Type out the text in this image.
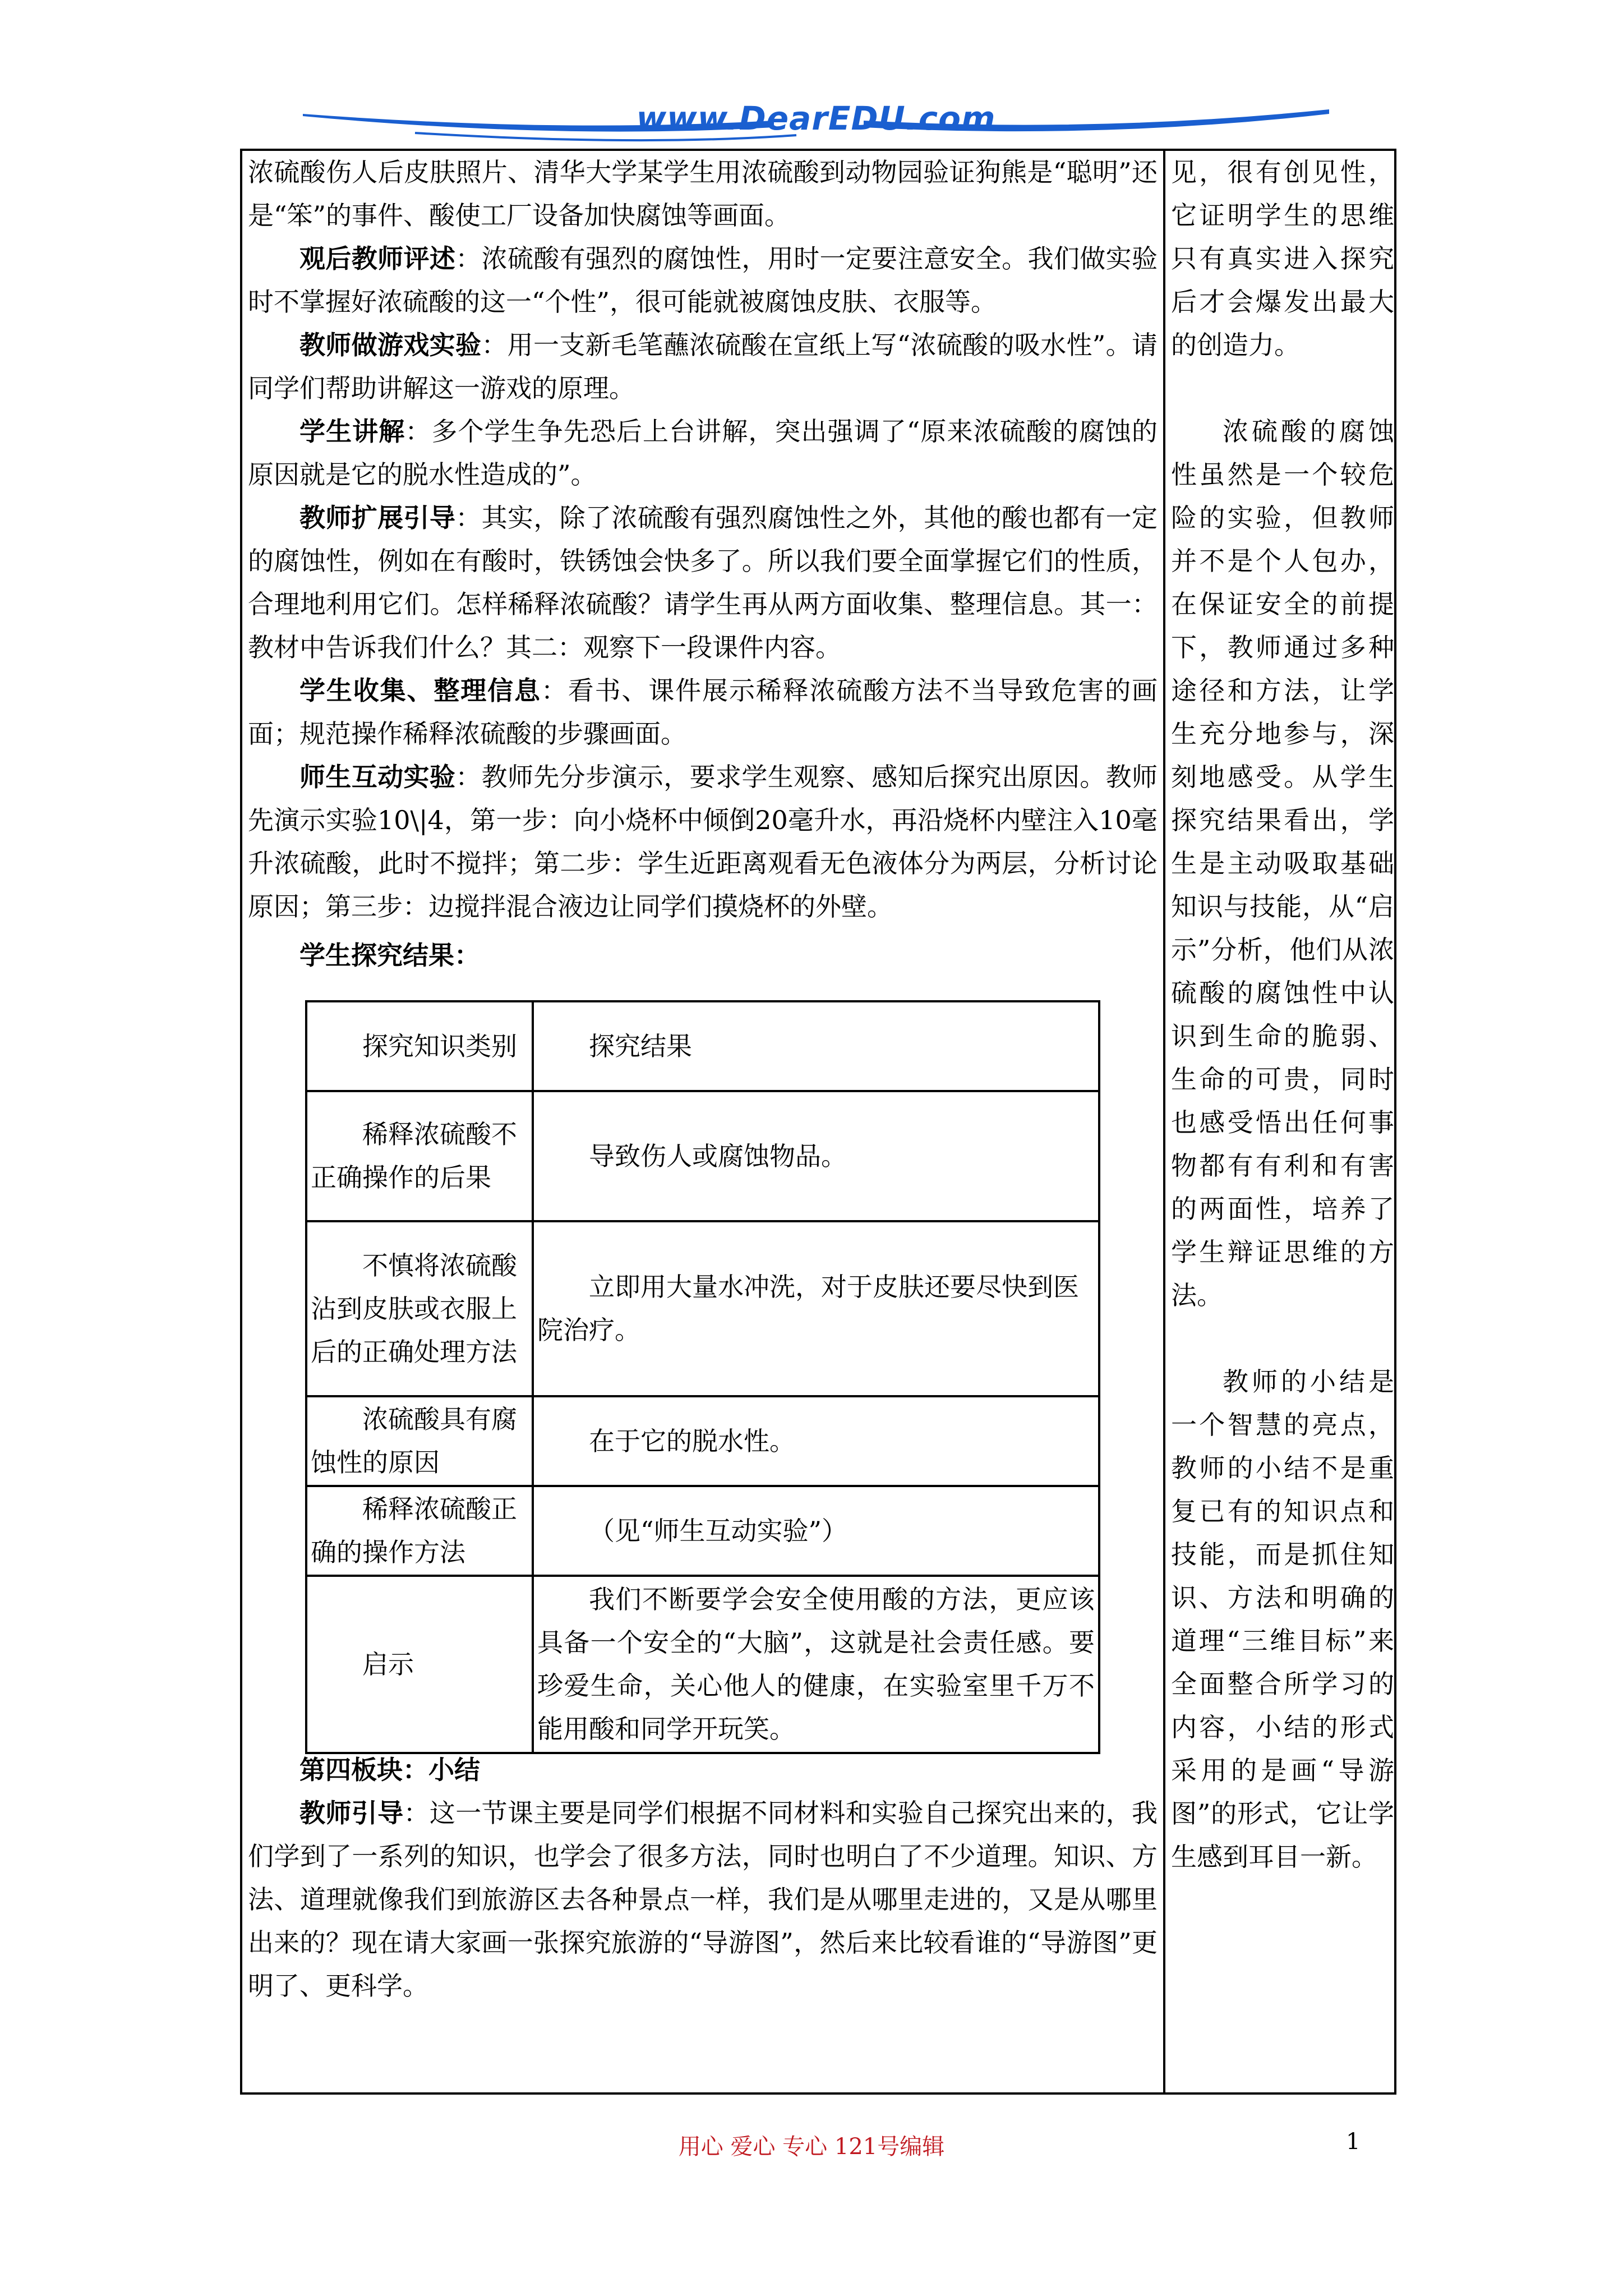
www.DearEDU.com

浓硫酸伤人后皮肤照片、清华大学某学生用浓硫酸到动物园验证狗熊是“聪明”还是“笨”的事件、酸使工厂设备加快腐蚀等画面。

观后教师评述：浓硫酸有强烈的腐蚀性，用时一定要注意安全。我们做实验时不掌握好浓硫酸的这一“个性”，很可能就被腐蚀皮肤、衣服等。

教师做游戏实验：用一支新毛笔蘸浓硫酸在宣纸上写“浓硫酸的吸水性”。请同学们帮助讲解这一游戏的原理。

学生讲解：多个学生争先恐后上台讲解，突出强调了“原来浓硫酸的腐蚀的原因就是它的脱水性造成的”。

教师扩展引导：其实，除了浓硫酸有强烈腐蚀性之外，其他的酸也都有一定的腐蚀性，例如在有酸时，铁锈蚀会快多了。所以我们要全面掌握它们的性质，合理地利用它们。怎样稀释浓硫酸？请学生再从两方面收集、整理信息。其一：教材中告诉我们什么？其二：观察下一段课件内容。

学生收集、整理信息：看书、课件展示稀释浓硫酸方法不当导致危害的画面；规范操作稀释浓硫酸的步骤画面。

师生互动实验：教师先分步演示，要求学生观察、感知后探究出原因。教师先演示实验10\|4，第一步：向小烧杯中倾倒20毫升水，再沿烧杯内壁注入10毫升浓硫酸，此时不搅拌；第二步：学生近距离观看无色液体分为两层，分析讨论原因；第三步：边搅拌混合液边让同学们摸烧杯的外壁。

学生探究结果：

探究知识类别	探究结果

稀释浓硫酸不正确操作的后果	导致伤人或腐蚀物品。

不慎将浓硫酸沾到皮肤或衣服上后的正确处理方法	立即用大量水冲洗，对于皮肤还要尽快到医院治疗。

浓硫酸具有腐蚀性的原因	在于它的脱水性。

稀释浓硫酸正确的操作方法	（见“师生互动实验”）

启示	我们不断要学会安全使用酸的方法，更应该具备一个安全的“大脑”，这就是社会责任感。要珍爱生命，关心他人的健康，在实验室里千万不能用酸和同学开玩笑。

第四板块：小结

教师引导：这一节课主要是同学们根据不同材料和实验自己探究出来的，我们学到了一系列的知识，也学会了很多方法，同时也明白了不少道理。知识、方法、道理就像我们到旅游区去各种景点一样，我们是从哪里走进的，又是从哪里出来的？现在请大家画一张探究旅游的“导游图”，然后来比较看谁的“导游图”更明了、更科学。

见，很有创见性，它证明学生的思维只有真实进入探究后才会爆发出最大的创造力。

浓硫酸的腐蚀性虽然是一个较危险的实验，但教师并不是个人包办，在保证安全的前提下，教师通过多种途径和方法，让学生充分地参与，深刻地感受。从学生探究结果看出，学生是主动吸取基础知识与技能，从“启示”分析，他们从浓硫酸的腐蚀性中认识到生命的脆弱、生命的可贵，同时也感受悟出任何事物都有有利和有害的两面性，培养了学生辩证思维的方法。

教师的小结是一个智慧的亮点，教师的小结不是重复已有的知识点和技能，而是抓住知识、方法和明确的道理“三维目标”来全面整合所学习的内容，小结的形式采用的是画“导游图”的形式，它让学生感到耳目一新。

用心 爱心 专心 121号编辑	1
